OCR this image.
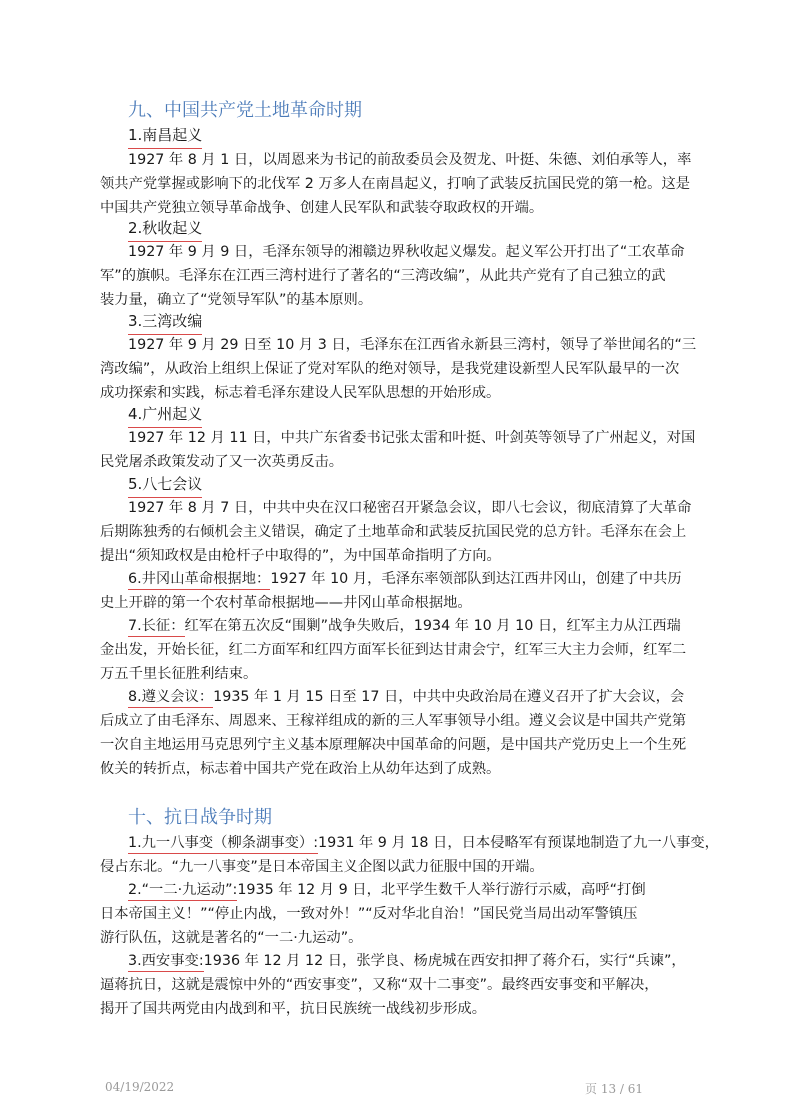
九、中国共产党土地革命时期
1.南昌起义
1927 年 8 月 1 日，以周恩来为书记的前敌委员会及贺龙、叶挺、朱德、刘伯承等人，率
领共产党掌握或影响下的北伐军 2 万多人在南昌起义，打响了武装反抗国民党的第一枪。这是
中国共产党独立领导革命战争、创建人民军队和武装夺取政权的开端。
2.秋收起义
1927 年 9 月 9 日，毛泽东领导的湘赣边界秋收起义爆发。起义军公开打出了“工农革命
军”的旗帜。毛泽东在江西三湾村进行了著名的“三湾改编”，从此共产党有了自己独立的武
装力量，确立了“党领导军队”的基本原则。
3.三湾改编
1927 年 9 月 29 日至 10 月 3 日，毛泽东在江西省永新县三湾村，领导了举世闻名的“三
湾改编”，从政治上组织上保证了党对军队的绝对领导，是我党建设新型人民军队最早的一次
成功探索和实践，标志着毛泽东建设人民军队思想的开始形成。
4.广州起义
1927 年 12 月 11 日，中共广东省委书记张太雷和叶挺、叶剑英等领导了广州起义，对国
民党屠杀政策发动了又一次英勇反击。
5.八七会议
1927 年 8 月 7 日，中共中央在汉口秘密召开紧急会议，即八七会议，彻底清算了大革命
后期陈独秀的右倾机会主义错误，确定了土地革命和武装反抗国民党的总方针。毛泽东在会上
提出“须知政权是由枪杆子中取得的”，为中国革命指明了方向。
6.井冈山革命根据地：1927 年 10 月，毛泽东率领部队到达江西井冈山，创建了中共历
史上开辟的第一个农村革命根据地——井冈山革命根据地。
7.长征：红军在第五次反“围剿”战争失败后，1934 年 10 月 10 日，红军主力从江西瑞
金出发，开始长征，红二方面军和红四方面军长征到达甘肃会宁，红军三大主力会师，红军二
万五千里长征胜利结束。
8.遵义会议：1935 年 1 月 15 日至 17 日，中共中央政治局在遵义召开了扩大会议，会
后成立了由毛泽东、周恩来、王稼祥组成的新的三人军事领导小组。遵义会议是中国共产党第
一次自主地运用马克思列宁主义基本原理解决中国革命的问题，是中国共产党历史上一个生死
攸关的转折点，标志着中国共产党在政治上从幼年达到了成熟。
十、抗日战争时期
1.九一八事变（柳条湖事变）:1931 年 9 月 18 日，日本侵略军有预谋地制造了九一八事变，
侵占东北。“九一八事变”是日本帝国主义企图以武力征服中国的开端。
2.“一二·九运动”:1935 年 12 月 9 日，北平学生数千人举行游行示威，高呼“打倒
日本帝国主义！”“停止内战，一致对外！”“反对华北自治！”国民党当局出动军警镇压
游行队伍，这就是著名的“一二·九运动”。
3.西安事变:1936 年 12 月 12 日，张学良、杨虎城在西安扣押了蒋介石，实行“兵谏”，
逼蒋抗日，这就是震惊中外的“西安事变”，又称“双十二事变”。最终西安事变和平解决，
揭开了国共两党由内战到和平，抗日民族统一战线初步形成。
04/19/2022	页 13 / 61
